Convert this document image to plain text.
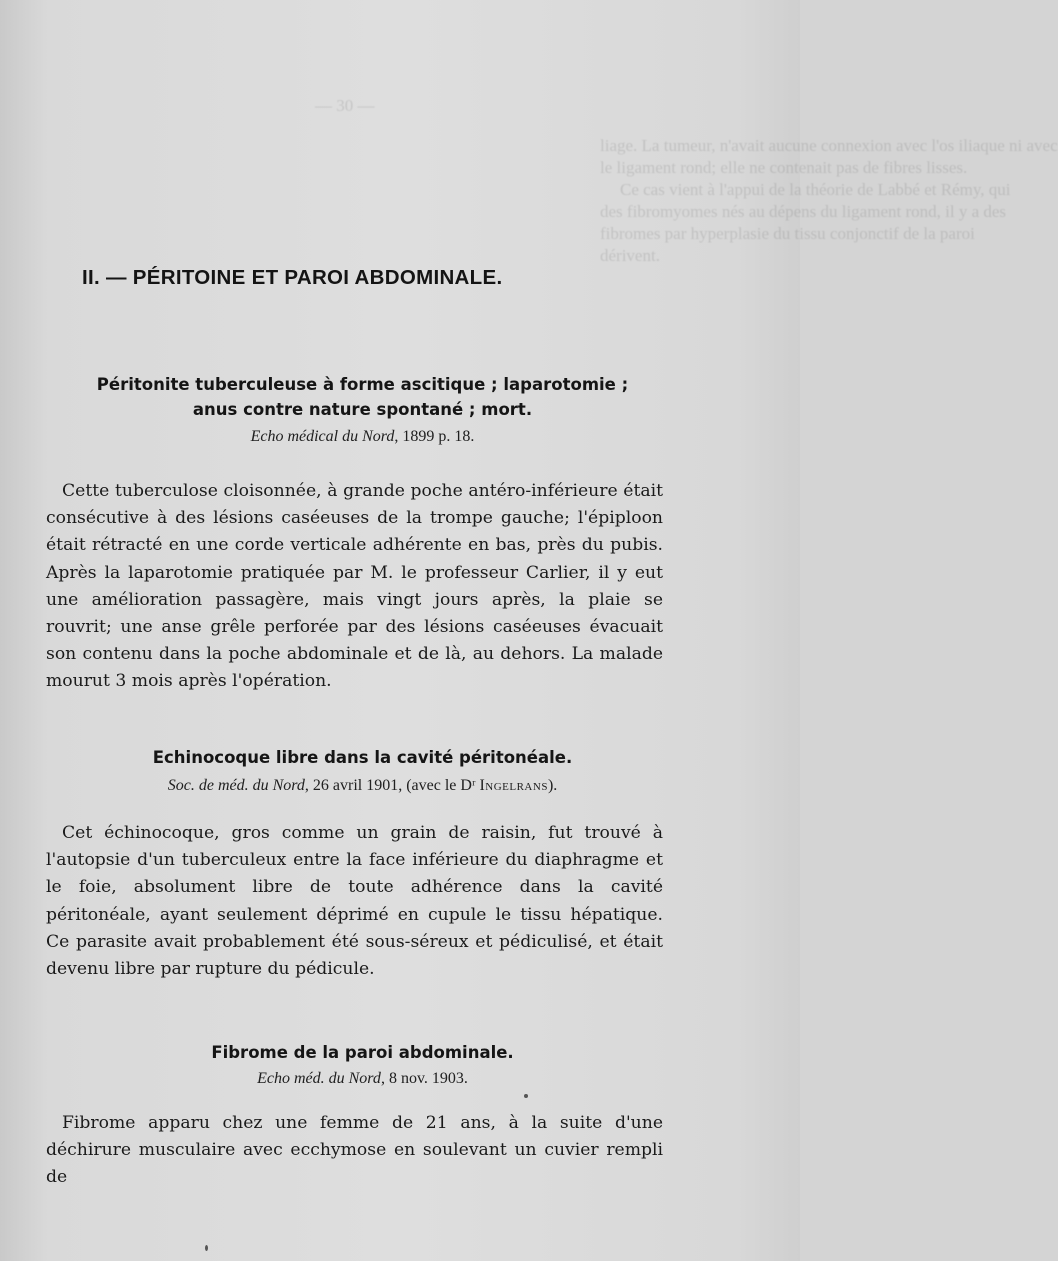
— 30 —
liage. La tumeur, n'avait aucune connexion avec l'os iliaque ni avec
le ligament rond; elle ne contenait pas de fibres lisses.
Ce cas vient à l'appui de la théorie de Labbé et Rémy, qui
des fibromyomes nés au dépens du ligament rond, il y a des
fibromes par hyperplasie du tissu conjonctif de la paroi
dérivent.
II. — PÉRITOINE ET PAROI ABDOMINALE.
Péritonite tuberculeuse à forme ascitique ; laparotomie ;
anus contre nature spontané ; mort.
Echo médical du Nord, 1899 p. 18.

Cette tuberculose cloisonnée, à grande poche antéro-inférieure était consécutive à des lésions caséeuses de la trompe gauche; l'épiploon était rétracté en une corde verticale adhérente en bas, près du pubis. Après la laparotomie pratiquée par M. le professeur Carlier, il y eut une amélioration passagère, mais vingt jours après, la plaie se rouvrit; une anse grêle perforée par des lésions caséeuses évacuait son contenu dans la poche abdominale et de là, au dehors. La malade mourut 3 mois après l'opération.

Echinocoque libre dans la cavité péritonéale.
Soc. de méd. du Nord, 26 avril 1901, (avec le Dʳ Ingelrans).

Cet échinocoque, gros comme un grain de raisin, fut trouvé à l'autopsie d'un tuberculeux entre la face inférieure du diaphragme et le foie, absolument libre de toute adhérence dans la cavité péritonéale, ayant seulement déprimé en cupule le tissu hépatique. Ce parasite avait probablement été sous-séreux et pédiculisé, et était devenu libre par rupture du pédicule.

Fibrome de la paroi abdominale.
Echo méd. du Nord, 8 nov. 1903.

Fibrome apparu chez une femme de 21 ans, à la suite d'une déchirure musculaire avec ecchymose en soulevant un cuvier rempli de
